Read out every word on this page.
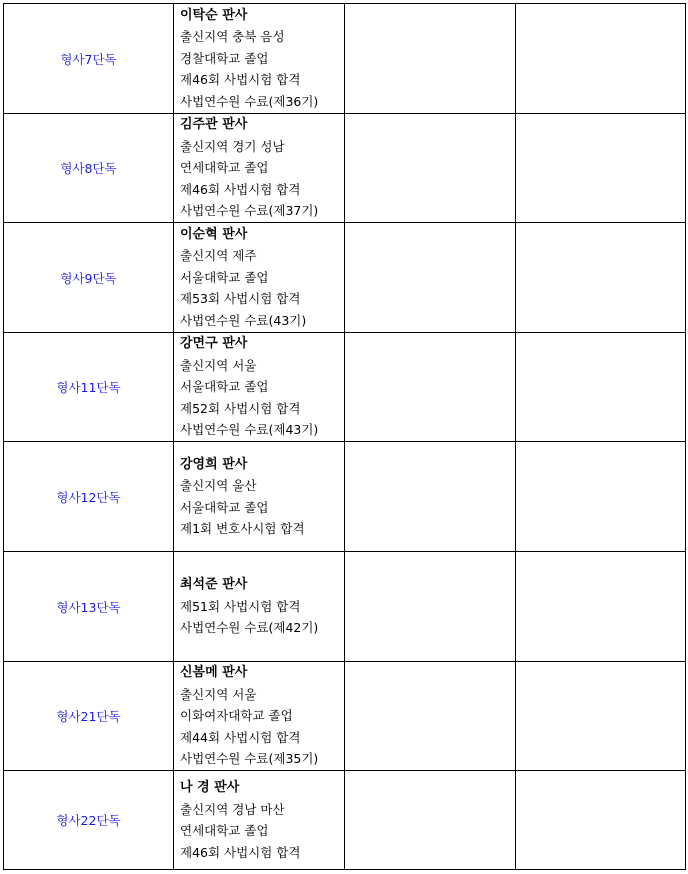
형사7단독	이탁순 판사
출신지역 충북 음성
경찰대학교 졸업
제46회 사법시험 합격
사법연수원 수료(제36기)		

형사8단독	김주관 판사
출신지역 경기 성남
연세대학교 졸업
제46회 사법시험 합격
사법연수원 수료(제37기)		

형사9단독	이순혁 판사
출신지역 제주
서울대학교 졸업
제53회 사법시험 합격
사법연수원 수료(43기)		

형사11단독	강면구 판사
출신지역 서울
서울대학교 졸업
제52회 사법시험 합격
사법연수원 수료(제43기)		

형사12단독	강영희 판사
출신지역 울산
서울대학교 졸업
제1회 변호사시험 합격		

형사13단독	최석준 판사
제51회 사법시험 합격
사법연수원 수료(제42기)		

형사21단독	신봄메 판사
출신지역 서울
이화여자대학교 졸업
제44회 사법시험 합격
사법연수원 수료(제35기)		

형사22단독	나 경 판사
출신지역 경남 마산
연세대학교 졸업
제46회 사법시험 합격		
